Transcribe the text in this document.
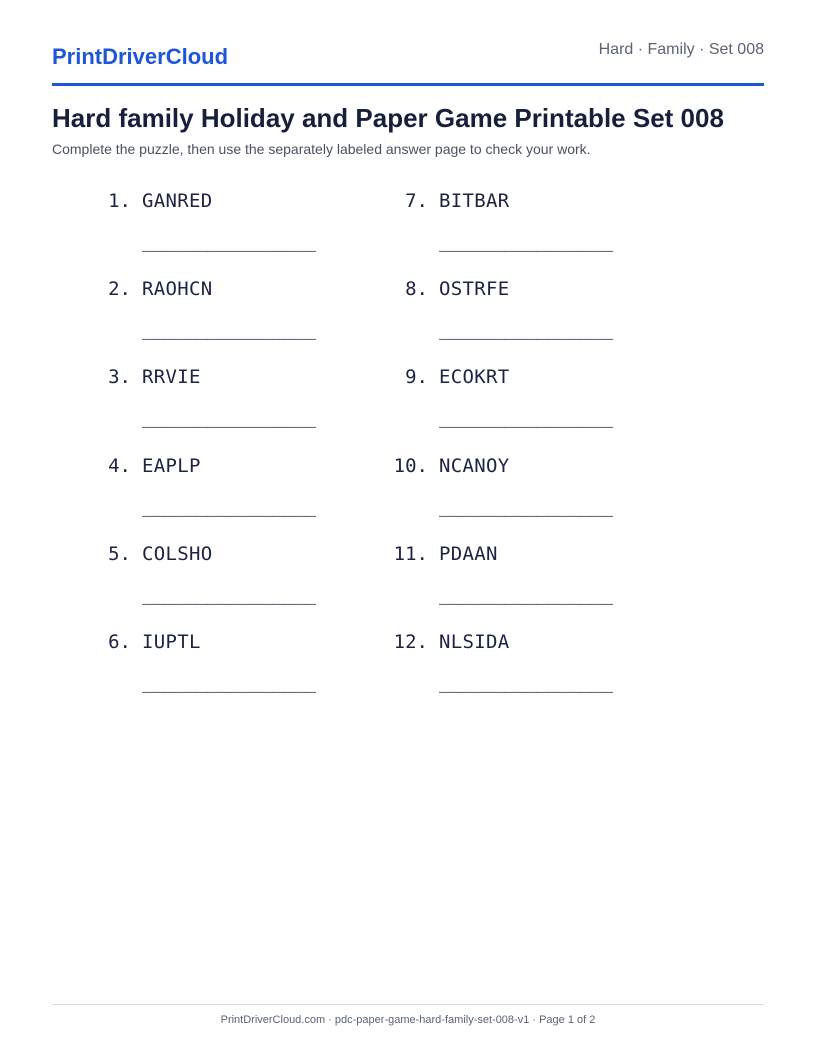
PrintDriverCloud	Hard · Family · Set 008
Hard family Holiday and Paper Game Printable Set 008
Complete the puzzle, then use the separately labeled answer page to check your work.
1. GANRED
________________
2. RAOHCN
________________
3. RRVIE
________________
4. EAPLP
________________
5. COLSHO
________________
6. IUPTL
________________
7. BITBAR
________________
8. OSTRFE
________________
9. ECOKRT
________________
10. NCANOY
________________
11. PDAAN
________________
12. NLSIDA
________________
PrintDriverCloud.com · pdc-paper-game-hard-family-set-008-v1 · Page 1 of 2
